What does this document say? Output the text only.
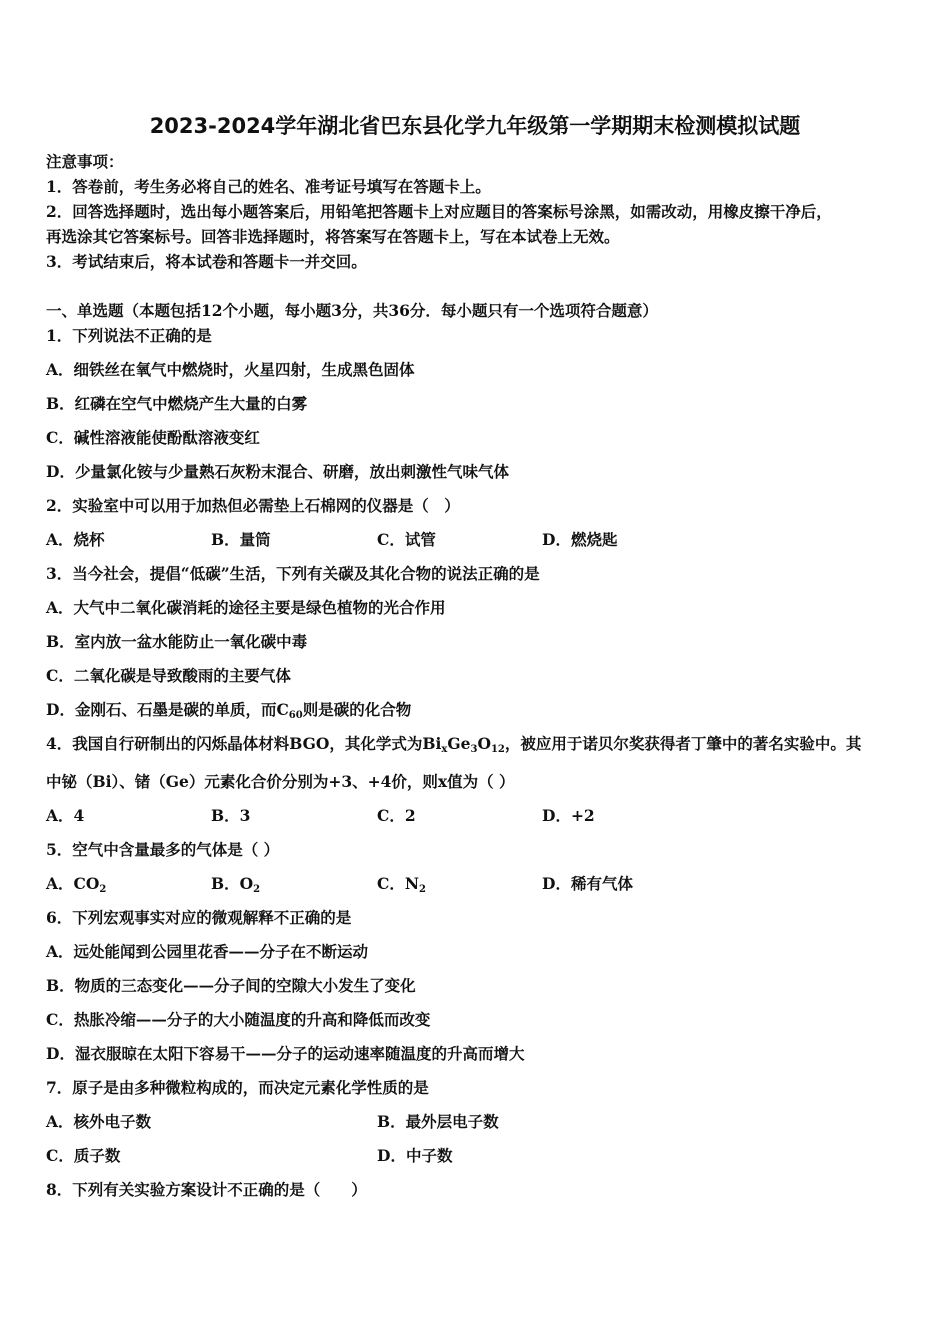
2023-2024学年湖北省巴东县化学九年级第一学期期末检测模拟试题
注意事项：
1．答卷前，考生务必将自己的姓名、准考证号填写在答题卡上。
2．回答选择题时，选出每小题答案后，用铅笔把答题卡上对应题目的答案标号涂黑，如需改动，用橡皮擦干净后，
再选涂其它答案标号。回答非选择题时，将答案写在答题卡上，写在本试卷上无效。
3．考试结束后，将本试卷和答题卡一并交回。
一、单选题（本题包括12个小题，每小题3分，共36分．每小题只有一个选项符合题意）
1．下列说法不正确的是
A．细铁丝在氧气中燃烧时，火星四射，生成黑色固体
B．红磷在空气中燃烧产生大量的白雾
C．碱性溶液能使酚酞溶液变红
D．少量氯化铵与少量熟石灰粉末混合、研磨，放出刺激性气味气体
2．实验室中可以用于加热但必需垫上石棉网的仪器是（　）
A．烧杯	B．量筒	C．试管	D．燃烧匙
3．当今社会，提倡“低碳”生活，下列有关碳及其化合物的说法正确的是
A．大气中二氧化碳消耗的途径主要是绿色植物的光合作用
B．室内放一盆水能防止一氧化碳中毒
C．二氧化碳是导致酸雨的主要气体
D．金刚石、石墨是碳的单质，而$C_{60}$则是碳的化合物
4．我国自行研制出的闪烁晶体材料BGO，其化学式为$Bi_xGe_3O_{12}$，被应用于诺贝尔奖获得者丁肇中的著名实验中。其
中铋（Bi）、锗（Ge）元素化合价分别为+3、+4价，则x值为（ ）
A．4	B．3	C．2	D．+2
5．空气中含量最多的气体是（ ）
A．$CO_2$	B．$O_2$	C．$N_2$	D．稀有气体
6．下列宏观事实对应的微观解释不正确的是
A．远处能闻到公园里花香——分子在不断运动
B．物质的三态变化——分子间的空隙大小发生了变化
C．热胀冷缩——分子的大小随温度的升高和降低而改变
D．湿衣服晾在太阳下容易干——分子的运动速率随温度的升高而增大
7．原子是由多种微粒构成的，而决定元素化学性质的是
A．核外电子数	B．最外层电子数
C．质子数	D．中子数
8．下列有关实验方案设计不正确的是（　　）
